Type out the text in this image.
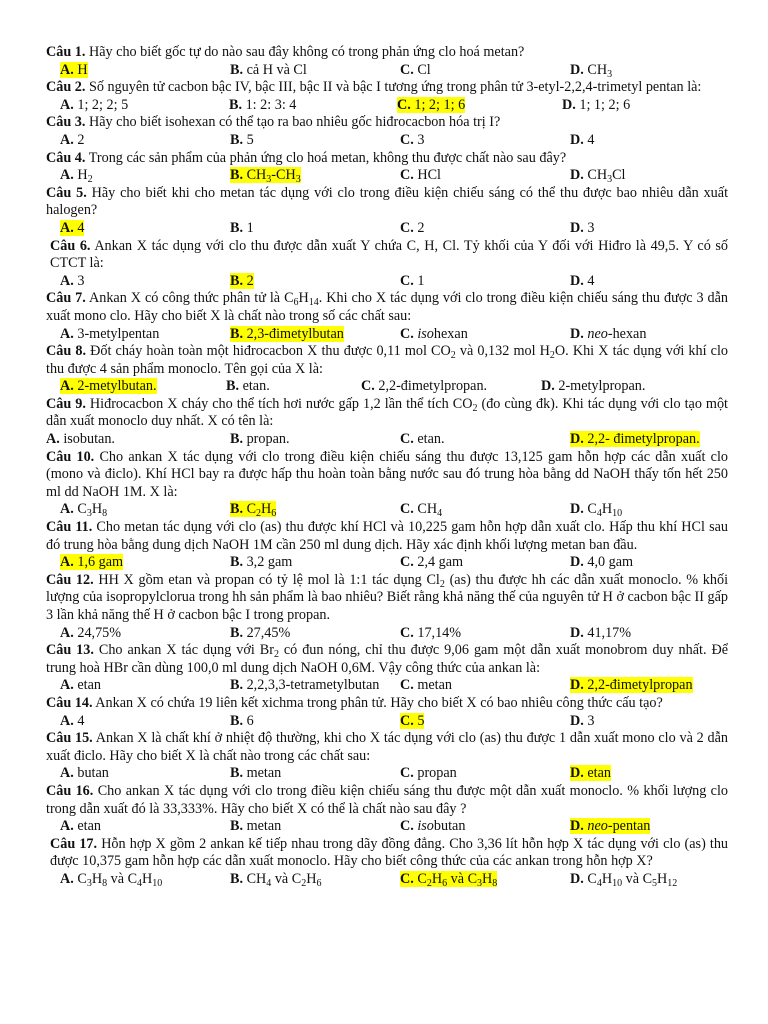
Câu 1. Hãy cho biết gốc tự do nào sau đây không có trong phản ứng clo hoá metan?

A. H	B. cả H và Cl	C. Cl	D. $CH_3$

Câu 2. Số nguyên tử cacbon bậc IV, bậc III, bậc II và bậc I tương ứng trong phân tử 3-etyl-2,2,4-trimetyl pentan là:

A. 1; 2; 2; 5	B. 1: 2: 3: 4	C. 1; 2; 1; 6	D. 1; 1; 2; 6

Câu 3. Hãy cho biết isohexan có thể tạo ra bao nhiêu gốc hiđrocacbon hóa trị I?

A. 2	B. 5	C. 3	D. 4

Câu 4. Trong các sản phẩm của phản ứng clo hoá metan, không thu được chất nào sau đây?

A. $H_2$	B. $CH_3-CH_3$	C. HCl	D. $CH_3Cl$

Câu 5. Hãy cho biết khi cho metan tác dụng với clo trong điều kiện chiếu sáng có thể thu được bao nhiêu dẫn xuất halogen?

A. 4	B. 1	C. 2	D. 3

Câu 6. Ankan X tác dụng với clo thu được dẫn xuất Y chứa C, H, Cl. Tỷ khối của Y đối với Hiđro là 49,5. Y có số CTCT là:

A. 3	B. 2	C. 1	D. 4

Câu 7. Ankan X có công thức phân tử là $C_6H_{14}$. Khi cho X tác dụng với clo trong điều kiện chiếu sáng thu được 3 dẫn xuất mono clo. Hãy cho biết X là chất nào trong số các chất sau:

A. 3-metylpentan	B. 2,3-đimetylbutan	C. isohexan	D. neo-hexan

Câu 8. Đốt cháy hoàn toàn một hiđrocacbon X thu được 0,11 mol $CO_2$ và 0,132 mol $H_2O$. Khi X tác dụng với khí clo thu được 4 sản phẩm monoclo. Tên gọi của X là:

A. 2-metylbutan.	B. etan.	C. 2,2-đimetylpropan.	D. 2-metylpropan.

Câu 9. Hiđrocacbon X cháy cho thể tích hơi nước gấp 1,2 lần thể tích $CO_2$ (đo cùng đk). Khi tác dụng với clo tạo một dẫn xuất monoclo duy nhất. X có tên là:

A. isobutan.	B. propan.	C. etan.	D. 2,2- đimetylpropan.

Câu 10. Cho ankan X tác dụng với clo trong điều kiện chiếu sáng thu được 13,125 gam hỗn hợp các dẫn xuất clo (mono và điclo). Khí HCl bay ra được hấp thu hoàn toàn bằng nước sau đó trung hòa bằng dd NaOH thấy tốn hết 250 ml dd NaOH 1M. X là:

A. $C_3H_8$	B. $C_2H_6$	C. $CH_4$	D. $C_4H_{10}$

Câu 11. Cho metan tác dụng với clo (as) thu được khí HCl và 10,225 gam hỗn hợp dẫn xuất clo. Hấp thu khí HCl sau đó trung hòa bằng dung dịch NaOH 1M cần 250 ml dung dịch. Hãy xác định khối lượng metan ban đầu.

A. 1,6 gam	B. 3,2 gam	C. 2,4 gam	D. 4,0 gam

Câu 12. HH X gồm etan và propan có tỷ lệ mol là 1:1 tác dụng $Cl_2$ (as) thu được hh các dẫn xuất monoclo. % khối lượng của isopropylclorua trong hh sản phẩm là bao nhiêu? Biết rằng khả năng thế của nguyên tử H ở cacbon bậc II gấp 3 lần khả năng thế H ở cacbon bậc I trong propan.

A. 24,75%	B. 27,45%	C. 17,14%	D. 41,17%

Câu 13. Cho ankan X tác dụng với $Br_2$ có đun nóng, chỉ thu được 9,06 gam một dẫn xuất monobrom duy nhất. Để trung hoà HBr cần dùng 100,0 ml dung dịch NaOH 0,6M. Vậy công thức của ankan là:

A. etan	B. 2,2,3,3-tetrametylbutan	C. metan	D. 2,2-đimetylpropan

Câu 14. Ankan X có chứa 19 liên kết xichma trong phân tử. Hãy cho biết X có bao nhiêu công thức cấu tạo?

A. 4	B. 6	C. 5	D. 3

Câu 15. Ankan X là chất khí ở nhiệt độ thường, khi cho X tác dụng với clo (as) thu được 1 dẫn xuất mono clo và 2 dẫn xuất điclo. Hãy cho biết X là chất nào trong các chất sau:

A. butan	B. metan	C. propan	D. etan

Câu 16. Cho ankan X tác dụng với clo trong điều kiện chiếu sáng thu được một dẫn xuất monoclo. % khối lượng clo trong dẫn xuất đó là 33,333%. Hãy cho biết X có thể là chất nào sau đây ?

A. etan	B. metan	C. isobutan	D. neo-pentan

Câu 17. Hỗn hợp X gồm 2 ankan kế tiếp nhau trong dãy đồng đẳng. Cho 3,36 lít hỗn hợp X tác dụng với clo (as) thu được 10,375 gam hỗn hợp các dẫn xuất monoclo. Hãy cho biết công thức của các ankan trong hỗn hợp X?

A. $C_3H_8$ và $C_4H_{10}$	B. $CH_4$ và $C_2H_6$	C. $C_2H_6$ và $C_3H_8$	D. $C_4H_{10}$ và $C_5H_{12}$
